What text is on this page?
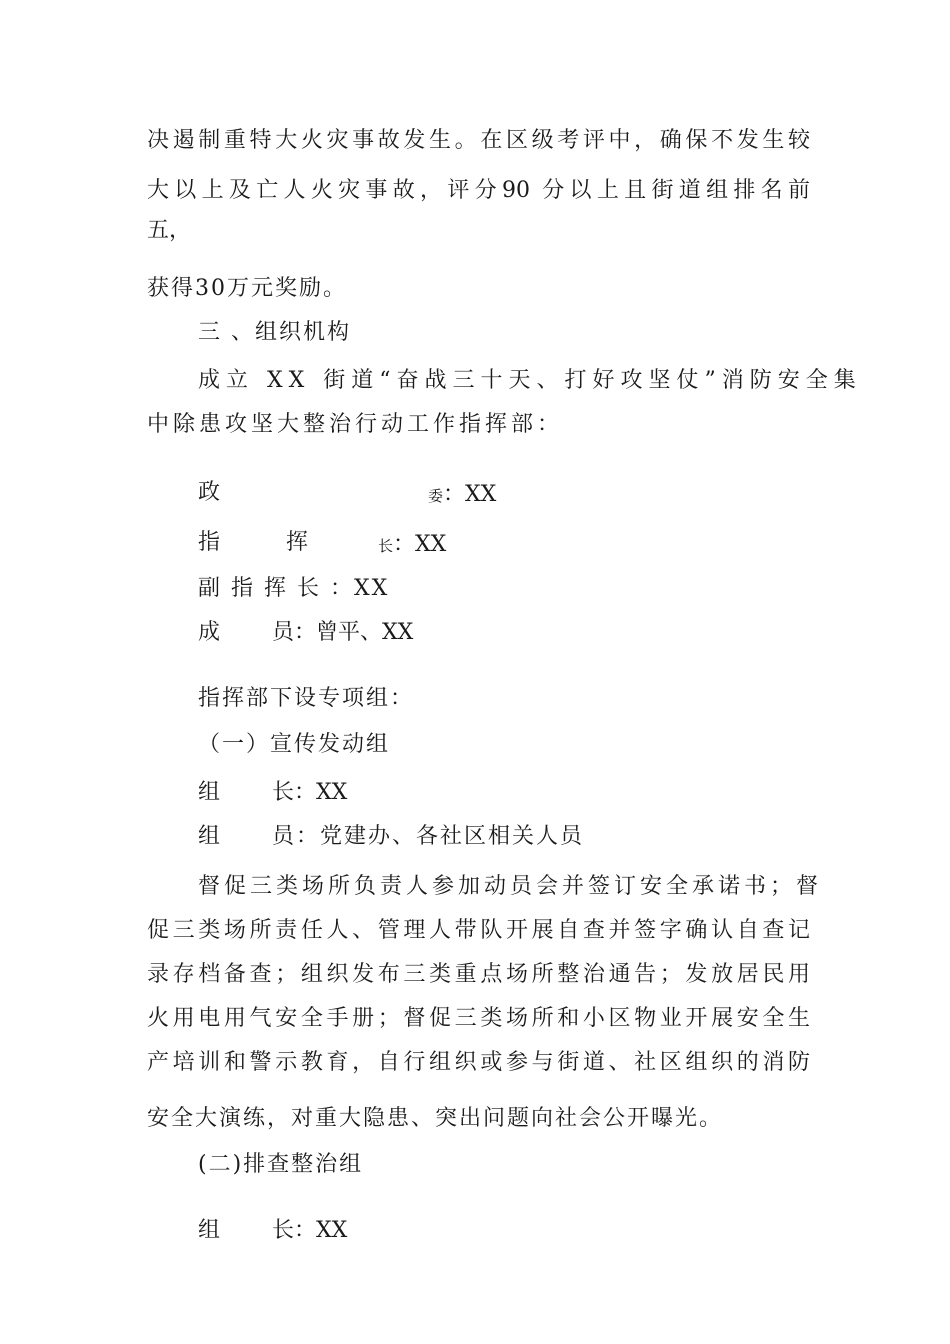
决遏制重特大火灾事故发生。在区级考评中，确保不发生较

大以上及亡人火灾事故，评分90 分以上且街道组排名前

五，

获得30万元奖励。

三 、组织机构

成立 XX 街道“奋战三十天、打好攻坚仗”消防安全集

中除患攻坚大整治行动工作指挥部：

政	委：XX

指	挥	长：XX

副 指 挥 长 ：XX

成 员：曾平、XX

指挥部下设专项组：

（一）宣传发动组

组 长：XX

组 员：党建办、各社区相关人员

督促三类场所负责人参加动员会并签订安全承诺书；督

促三类场所责任人、管理人带队开展自查并签字确认自查记

录存档备查；组织发布三类重点场所整治通告；发放居民用

火用电用气安全手册；督促三类场所和小区物业开展安全生

产培训和警示教育，自行组织或参与街道、社区组织的消防

安全大演练，对重大隐患、突出问题向社会公开曝光。

(二)排查整治组

组 长：XX
